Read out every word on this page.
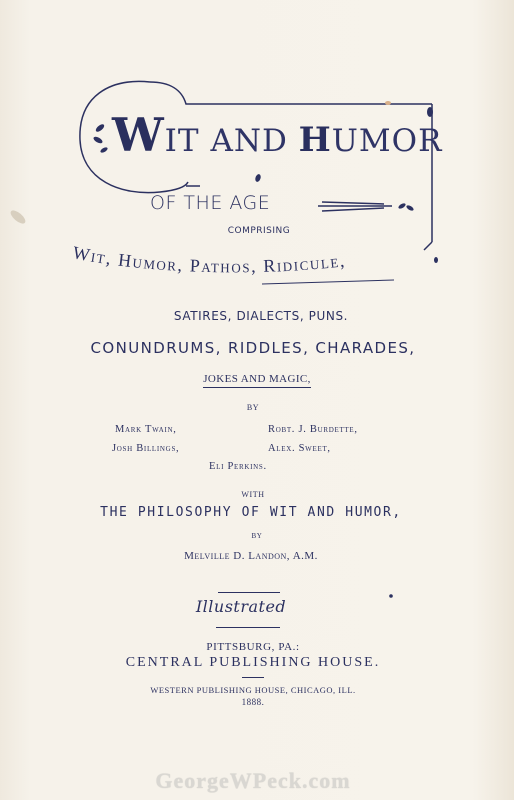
WIT AND HUMOR
OF THE AGE
COMPRISING
Wit, Humor, Pathos, Ridicule,
SATIRES, DIALECTS, PUNS.
CONUNDRUMS, RIDDLES, CHARADES,
JOKES AND MAGIC,
BY
Mark Twain,	Robt. J. Burdette,
Josh Billings,	Alex. Sweet,
Eli Perkins.
WITH
THE PHILOSOPHY OF WIT AND HUMOR,
BY
Melville D. Landon, A.M.
Illustrated
PITTSBURG, PA.:
CENTRAL PUBLISHING HOUSE.
WESTERN PUBLISHING HOUSE, CHICAGO, ILL.
1888.
GeorgeWPeck.com
